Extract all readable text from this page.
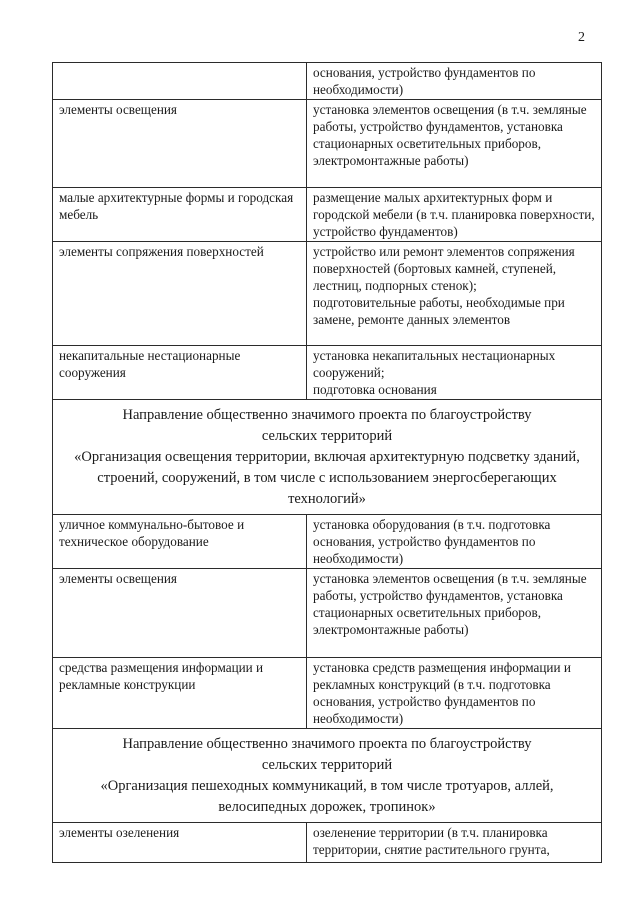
2
	основания, устройство фундаментов по необходимости)
элементы освещения	установка элементов освещения (в т.ч. земляные работы, устройство фундаментов, установка стационарных осветительных приборов, электромонтажные работы)
малые архитектурные формы и городская мебель	размещение малых архитектурных форм и городской мебели (в т.ч. планировка поверхности, устройство фундаментов)
элементы сопряжения поверхностей	устройство или ремонт элементов сопряжения поверхностей (бортовых камней, ступеней, лестниц, подпорных стенок);
подготовительные работы, необходимые при замене, ремонте данных элементов
некапитальные нестационарные сооружения	установка некапитальных нестационарных сооружений;
подготовка основания

Направление общественно значимого проекта по благоустройству
сельских территорий
«Организация освещения территории, включая архитектурную подсветку зданий, строений, сооружений, в том числе с использованием энергосберегающих технологий»	

уличное коммунально-бытовое и техническое оборудование	установка оборудования (в т.ч. подготовка основания, устройство фундаментов по необходимости)
элементы освещения	установка элементов освещения (в т.ч. земляные работы, устройство фундаментов, установка стационарных осветительных приборов, электромонтажные работы)
средства размещения информации и рекламные конструкции	установка средств размещения информации и рекламных конструкций (в т.ч. подготовка основания, устройство фундаментов по необходимости)

Направление общественно значимого проекта по благоустройству
сельских территорий
«Организация пешеходных коммуникаций, в том числе тротуаров, аллей, велосипедных дорожек, тропинок»	

элементы озеленения	озеленение территории (в т.ч. планировка территории, снятие растительного грунта,
